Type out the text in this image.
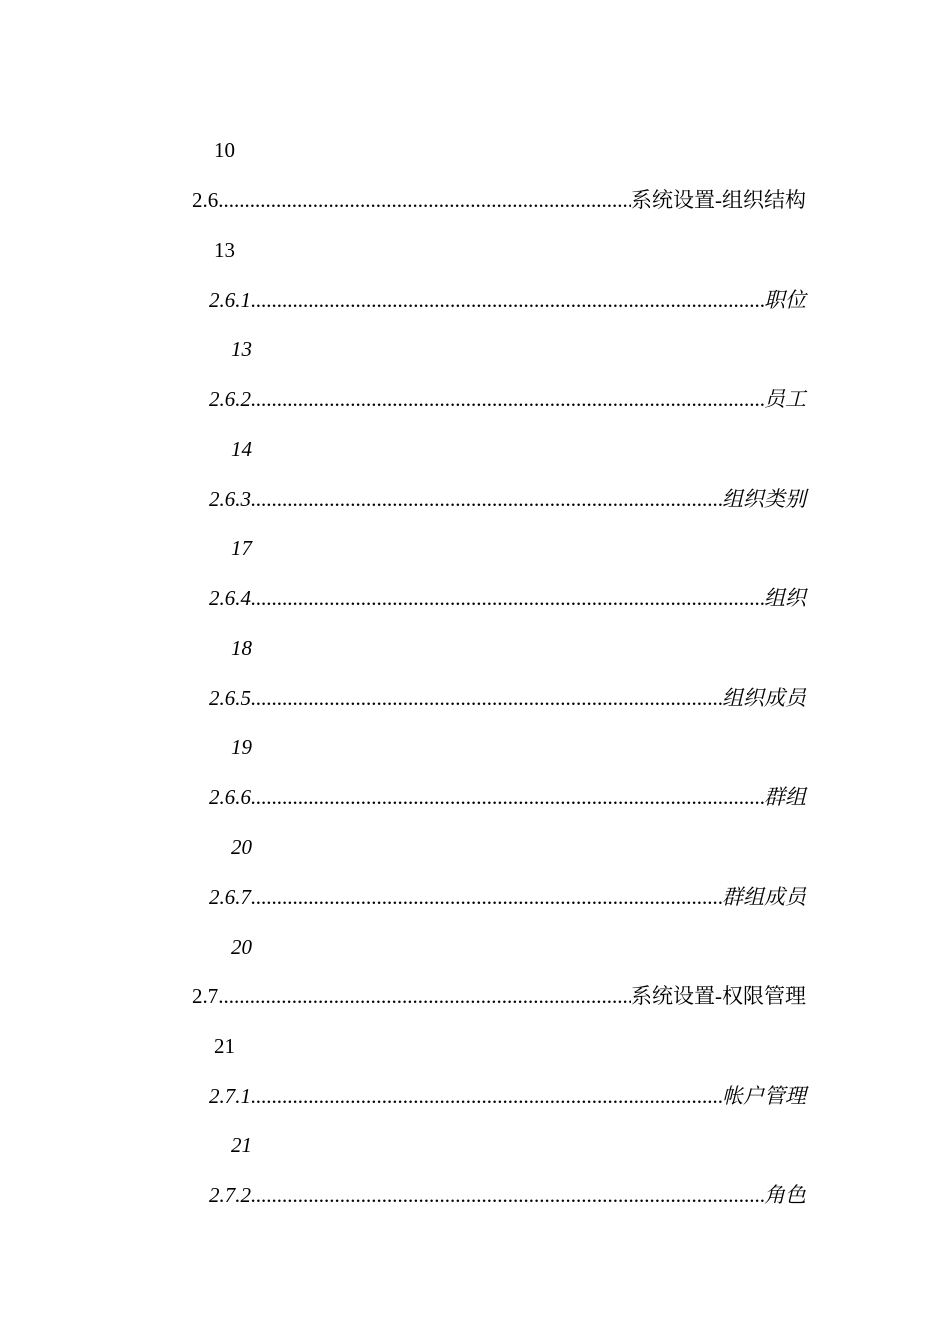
10
2.6 .....	系统设置-组织结构
13
2.6.1 .....	职位
13
2.6.2 .....	员工
14
2.6.3 .....	组织类别
17
2.6.4 .....	组织
18
2.6.5 .....	组织成员
19
2.6.6 .....	群组
20
2.6.7 .....	群组成员
20
2.7 .....	系统设置-权限管理
21
2.7.1 .....	帐户管理
21
2.7.2 .....	角色
